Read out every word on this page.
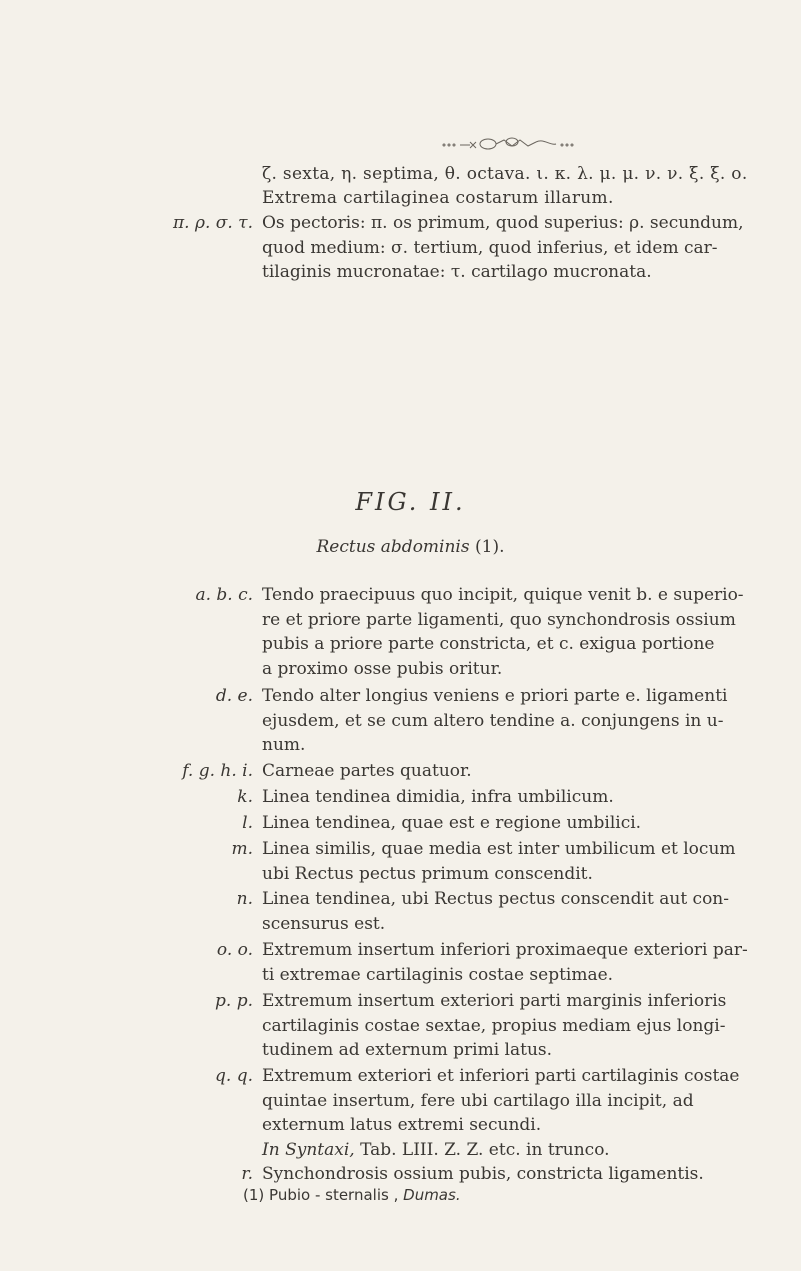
ζ. sexta, η. septima, θ. octava. ι. κ. λ. μ. μ. ν. ν. ξ. ξ. ο.
Extrema cartilaginea costarum illarum.
π. ρ. σ. τ. Os pectoris: π. os primum, quod superius: ρ. secundum,
quod medium: σ. tertium, quod inferius, et idem car-
tilaginis mucronatae: τ. cartilago mucronata.
FIG. II.
Rectus abdominis (1).
a. b. c. Tendo praecipuus quo incipit, quique venit b. e superio-
re et priore parte ligamenti, quo synchondrosis ossium
pubis a priore parte constricta, et c. exigua portione
a proximo osse pubis oritur.
d. e. Tendo alter longius veniens e priori parte e. ligamenti
ejusdem, et se cum altero tendine a. conjungens in u-
num.
f. g. h. i. Carneae partes quatuor.
k. Linea tendinea dimidia, infra umbilicum.
l. Linea tendinea, quae est e regione umbilici.
m. Linea similis, quae media est inter umbilicum et locum
ubi Rectus pectus primum conscendit.
n. Linea tendinea, ubi Rectus pectus conscendit aut con-
scensurus est.
o. o. Extremum insertum inferiori proximaeque exteriori par-
ti extremae cartilaginis costae septimae.
p. p. Extremum insertum exteriori parti marginis inferioris
cartilaginis costae sextae, propius mediam ejus longi-
tudinem ad externum primi latus.
q. q. Extremum exteriori et inferiori parti cartilaginis costae
quintae insertum, fere ubi cartilago illa incipit, ad
externum latus extremi secundi.
In Syntaxi, Tab. LIII. Z. Z. etc. in trunco.
r. Synchondrosis ossium pubis, constricta ligamentis.
(1) Pubio - sternalis , Dumas.
